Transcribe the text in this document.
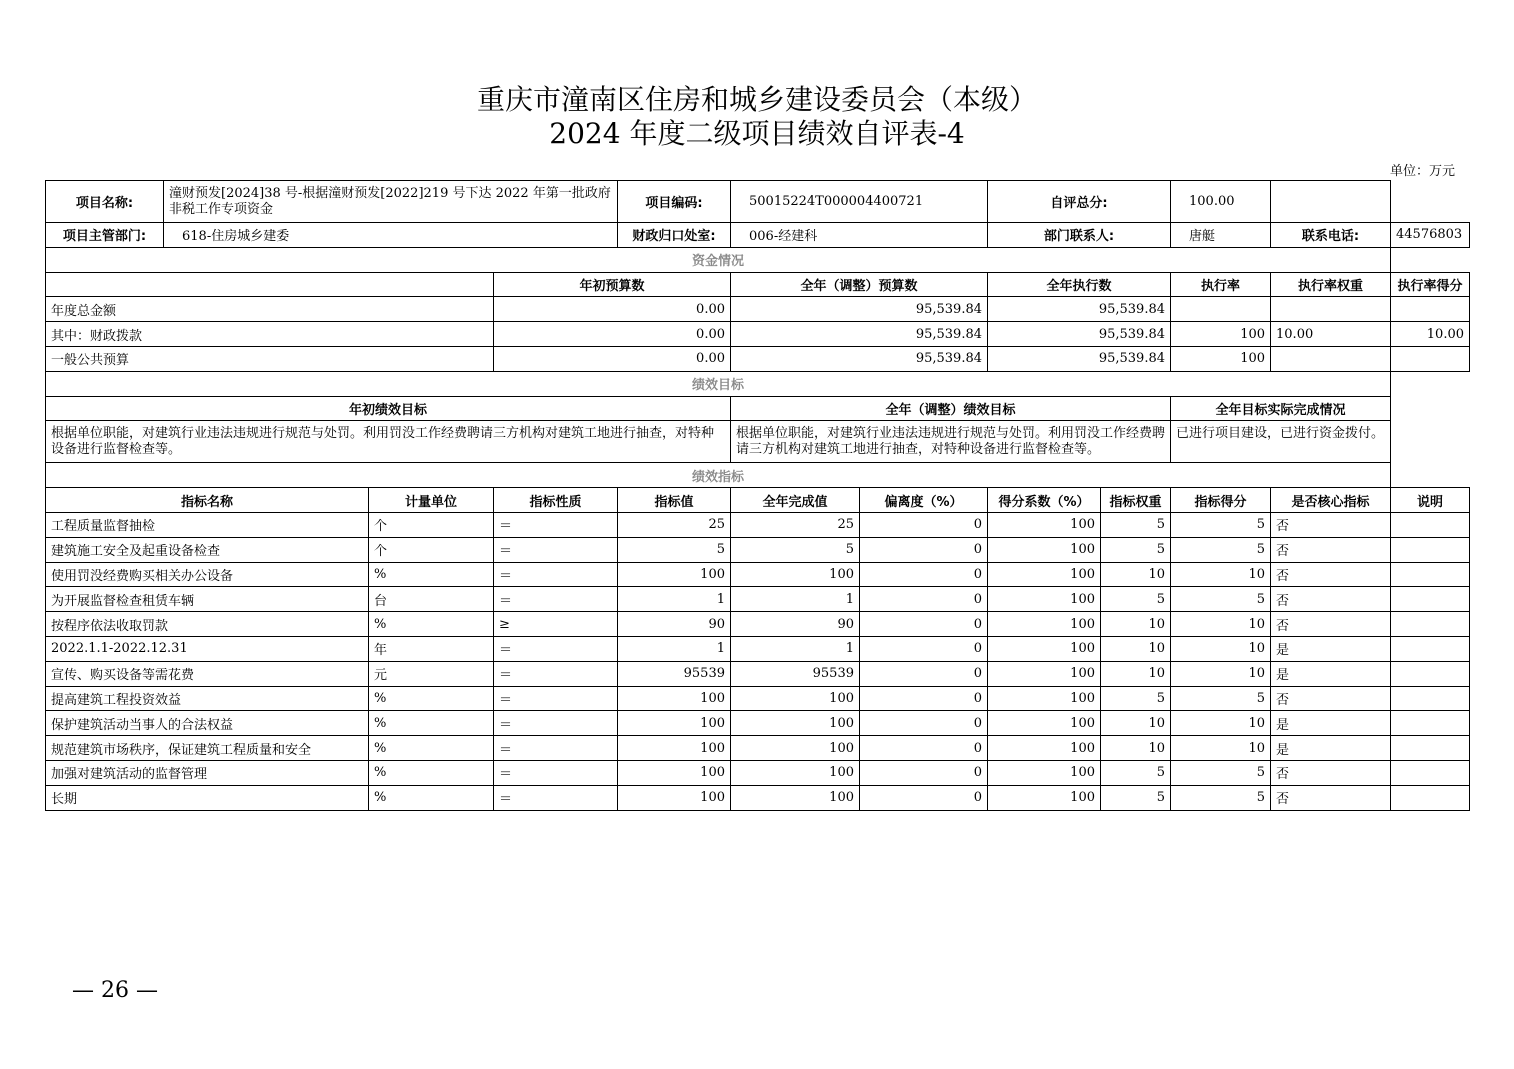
重庆市潼南区住房和城乡建设委员会（本级）
2024 年度二级项目绩效自评表-4
单位：万元
项目名称:	潼财预发[2024]38 号-根据潼财预发[2022]219 号下达 2022 年第一批政府非税工作专项资金			项目编码:	50015224T000004400721		自评总分:		100.00		
项目主管部门:	618-住房城乡建委			财政归口处室:	006-经建科		部门联系人:		唐艇	联系电话:	44576803
资金情况											
			年初预算数		全年（调整）预算数		全年执行数		执行率	执行率权重	执行率得分
年度总金额			0.00		95,539.84		95,539.84				
其中：财政拨款			0.00		95,539.84		95,539.84		100	10.00	10.00
一般公共预算			0.00		95,539.84		95,539.84		100		
绩效目标											
年初绩效目标					全年（调整）绩效目标				全年目标实际完成情况		
根据单位职能，对建筑行业违法违规进行规范与处罚。利用罚没工作经费聘请三方机构对建筑工地进行抽查，对特种设备进行监督检查等。					根据单位职能，对建筑行业违法违规进行规范与处罚。利用罚没工作经费聘请三方机构对建筑工地进行抽查，对特种设备进行监督检查等。				已进行项目建设，已进行资金拨付。		
绩效指标											
指标名称		计量单位	指标性质	指标值	全年完成值	偏离度（%）	得分系数（%）	指标权重	指标得分	是否核心指标	说明
工程质量监督抽检		个	＝	25	25	0	100	5	5	否	
建筑施工安全及起重设备检查		个	＝	5	5	0	100	5	5	否	
使用罚没经费购买相关办公设备		%	＝	100	100	0	100	10	10	否	
为开展监督检查租赁车辆		台	＝	1	1	0	100	5	5	否	
按程序依法收取罚款		%	≥	90	90	0	100	10	10	否	
2022.1.1-2022.12.31		年	＝	1	1	0	100	10	10	是	
宣传、购买设备等需花费		元	＝	95539	95539	0	100	10	10	是	
提高建筑工程投资效益		%	＝	100	100	0	100	5	5	否	
保护建筑活动当事人的合法权益		%	＝	100	100	0	100	10	10	是	
规范建筑市场秩序，保证建筑工程质量和安全		%	＝	100	100	0	100	10	10	是	
加强对建筑活动的监督管理		%	＝	100	100	0	100	5	5	否	
长期		%	＝	100	100	0	100	5	5	否	
— 26 —
